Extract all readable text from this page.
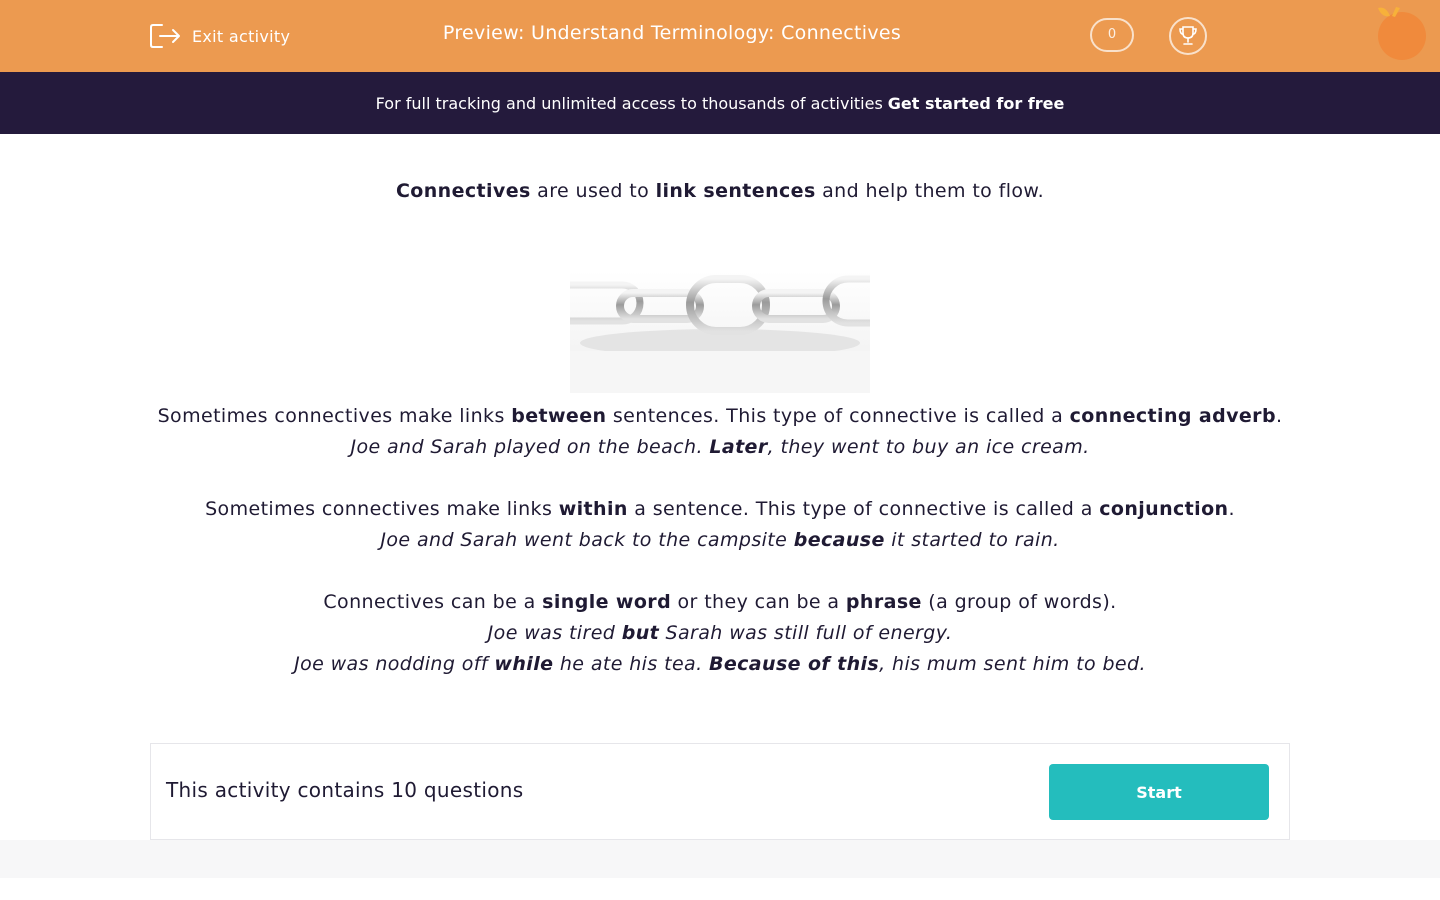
Exit activity	Preview: Understand Terminology: Connectives	0
For full tracking and unlimited access to thousands of activities Get started for free

Connectives are used to link sentences and help them to flow.

Sometimes connectives make links between sentences. This type of connective is called a connecting adverb.

Joe and Sarah played on the beach. Later, they went to buy an ice cream.

Sometimes connectives make links within a sentence. This type of connective is called a conjunction.

Joe and Sarah went back to the campsite because it started to rain.

Connectives can be a single word or they can be a phrase (a group of words).

Joe was tired but Sarah was still full of energy.

Joe was nodding off while he ate his tea. Because of this, his mum sent him to bed.

This activity contains 10 questions	Start
